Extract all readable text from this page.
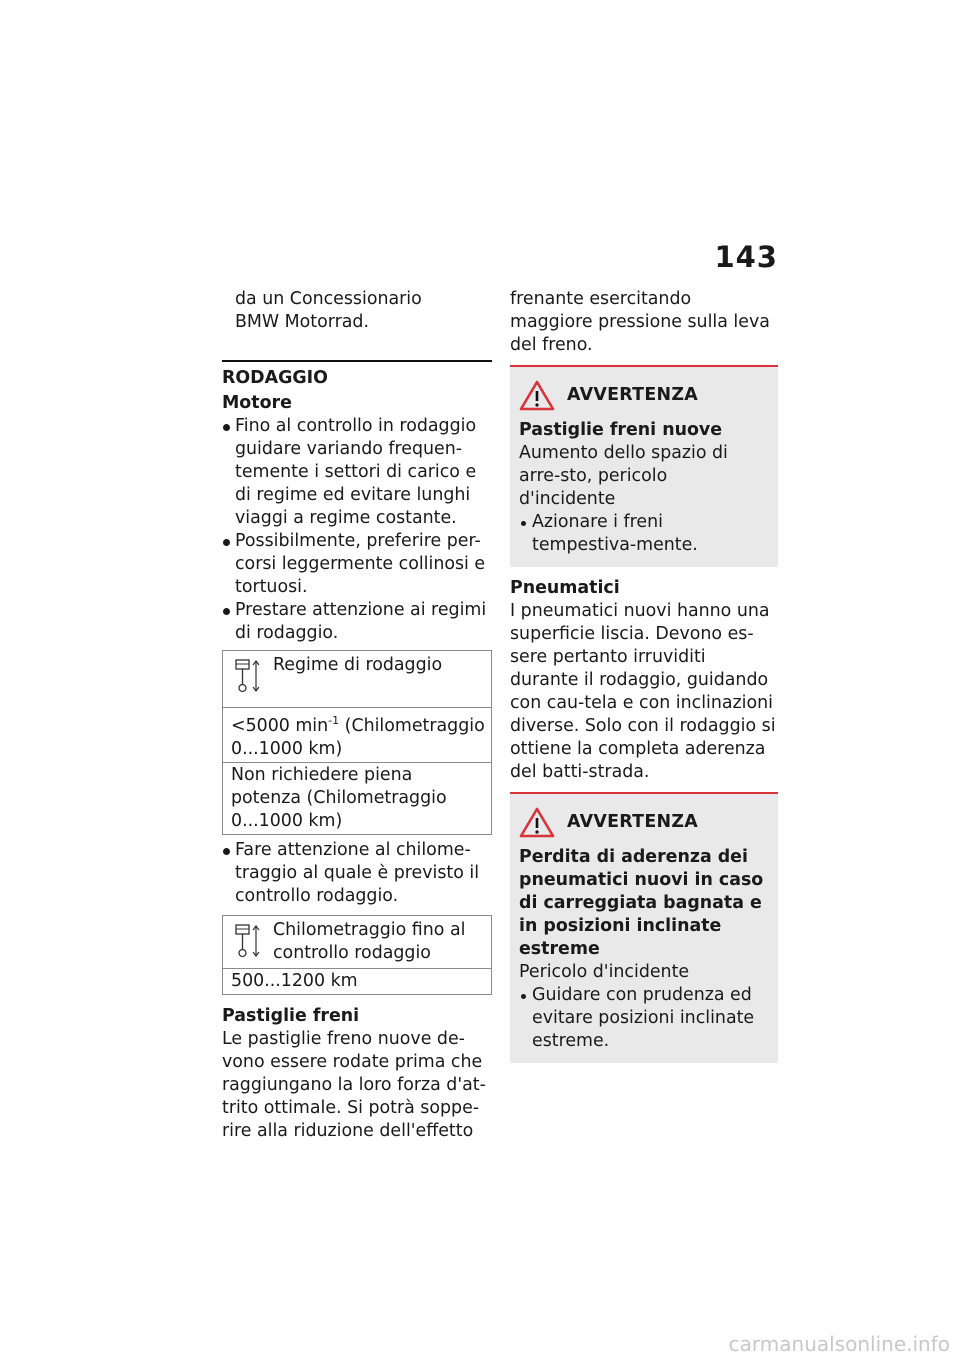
143

da un Concessionario

BMW Motorrad.

RODAGGIO
Motore
Fino al controllo in rodaggio guidare variando frequen-temente i settori di carico e di regime ed evitare lunghi viaggi a regime costante.
Possibilmente, preferire per-corsi leggermente collinosi e tortuosi.
Prestare attenzione ai regimi di rodaggio.
Regime di rodaggio
<5000 $\min^{-1}$ (Chilometraggio 0...1000 km)
Non richiedere piena potenza (Chilometraggio 0...1000 km)
Fare attenzione al chilome-traggio al quale è previsto il controllo rodaggio.
Chilometraggio fino al controllo rodaggio
500...1200 km
Pastiglie freni

Le pastiglie freno nuove de-vono essere rodate prima che raggiungano la loro forza d'at-trito ottimale. Si potrà soppe-rire alla riduzione dell'effetto

frenante esercitando maggiore pressione sulla leva del freno.

AVVERTENZA
Pastiglie freni nuove

Aumento dello spazio di arre-sto, pericolo d'incidente

Azionare i freni tempestiva-mente.
Pneumatici

I pneumatici nuovi hanno una superficie liscia. Devono es-sere pertanto irruviditi durante il rodaggio, guidando con cau-tela e con inclinazioni diverse. Solo con il rodaggio si ottiene la completa aderenza del batti-strada.

AVVERTENZA
Perdita di aderenza dei pneumatici nuovi in caso di carreggiata bagnata e in posizioni inclinate estreme

Pericolo d'incidente

Guidare con prudenza ed evitare posizioni inclinate estreme.
carmanualsonline.info
